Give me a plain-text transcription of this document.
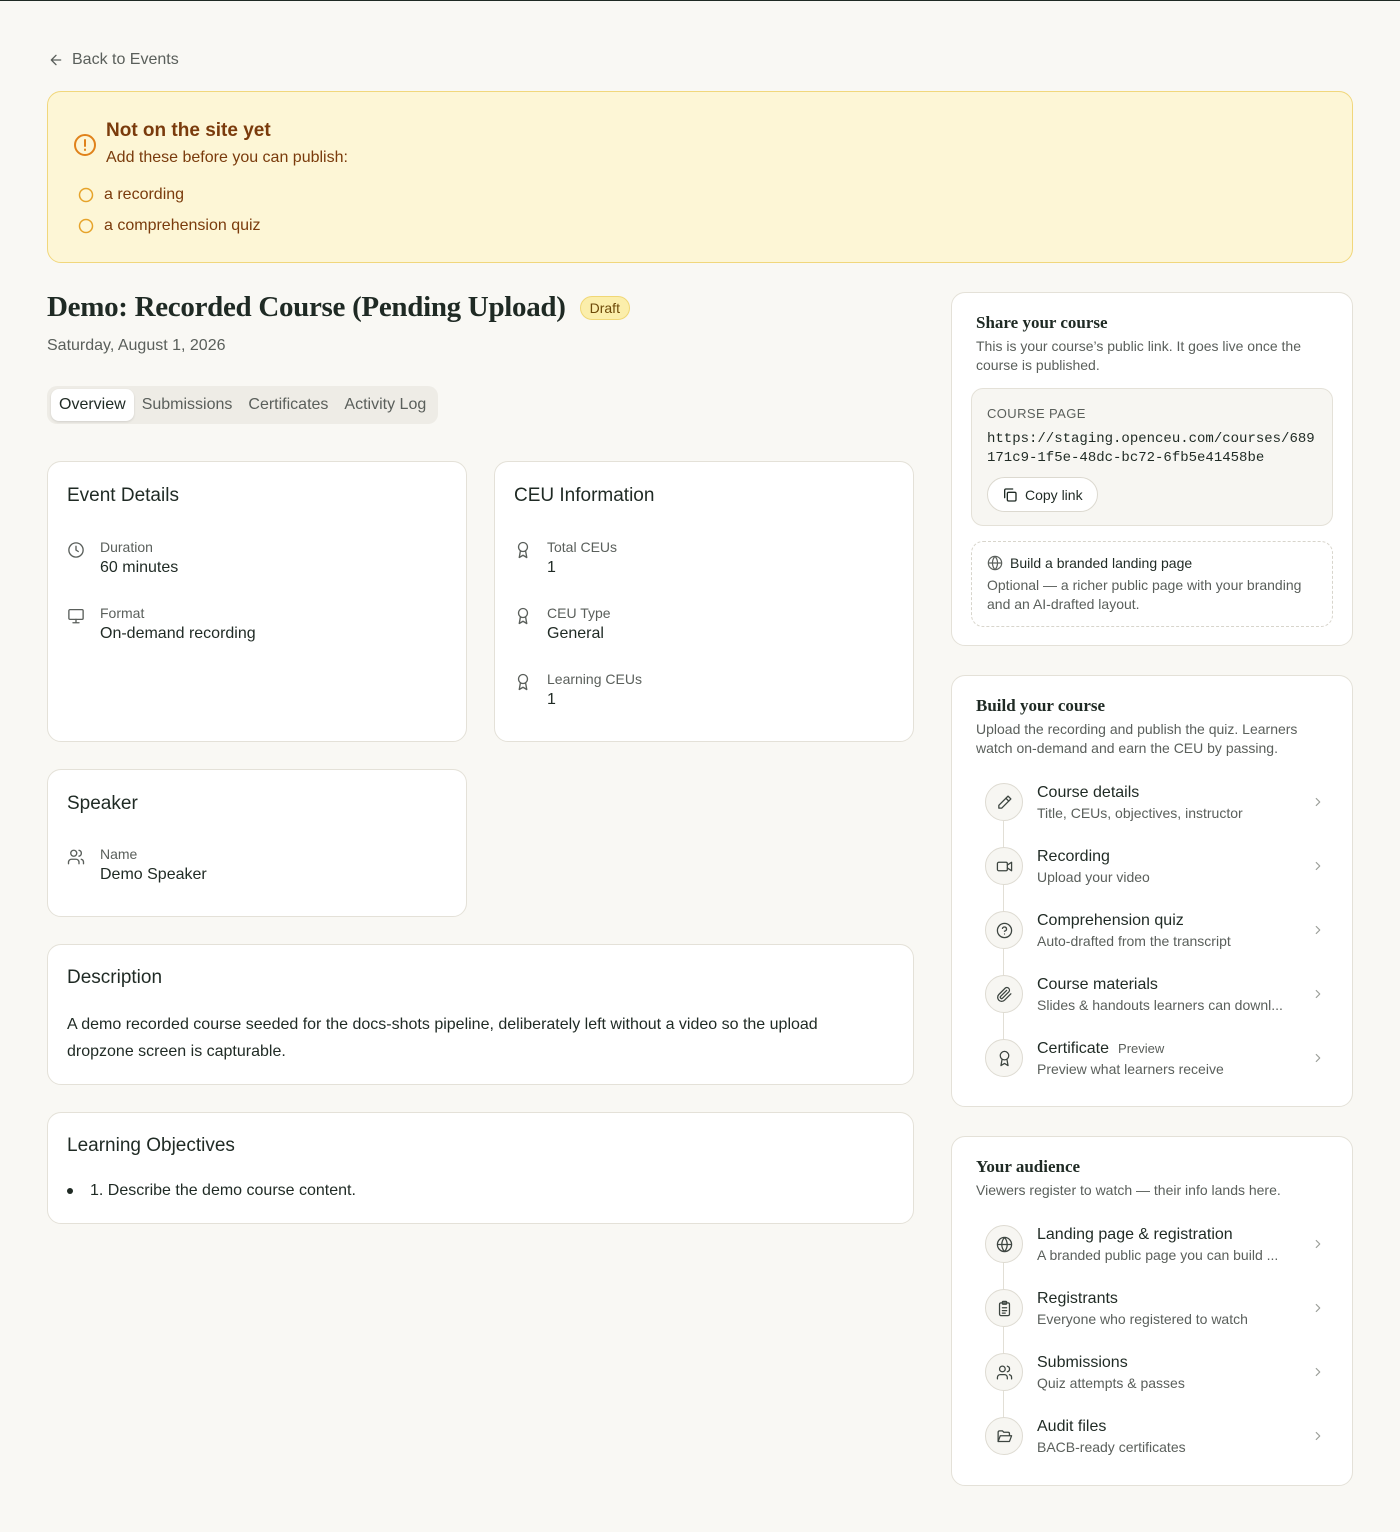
Back to Events
Not on the site yet
Add these before you can publish:
a recording
a comprehension quiz
Demo: Recorded Course (Pending Upload)	Draft
Saturday, August 1, 2026
Overview	Submissions	Certificates	Activity Log
Event Details
Duration
60 minutes
Format
On-demand recording
CEU Information
Total CEUs
1
CEU Type
General
Learning CEUs
1
Speaker
Name
Demo Speaker
Description
A demo recorded course seeded for the docs-shots pipeline, deliberately left without a video so the upload dropzone screen is capturable.
Learning Objectives
1. Describe the demo course content.
Share your course
This is your course’s public link. It goes live once the course is published.
COURSE PAGE
https://staging.openceu.com/courses/689171c9-1f5e-48dc-bc72-6fb5e41458be
Copy link
Build a branded landing page
Optional — a richer public page with your branding and an AI-drafted layout.
Build your course
Upload the recording and publish the quiz. Learners watch on-demand and earn the CEU by passing.
Course details
Title, CEUs, objectives, instructor
Recording
Upload your video
Comprehension quiz
Auto-drafted from the transcript
Course materials
Slides & handouts learners can downl...
Certificate Preview
Preview what learners receive
Your audience
Viewers register to watch — their info lands here.
Landing page & registration
A branded public page you can build ...
Registrants
Everyone who registered to watch
Submissions
Quiz attempts & passes
Audit files
BACB-ready certificates
